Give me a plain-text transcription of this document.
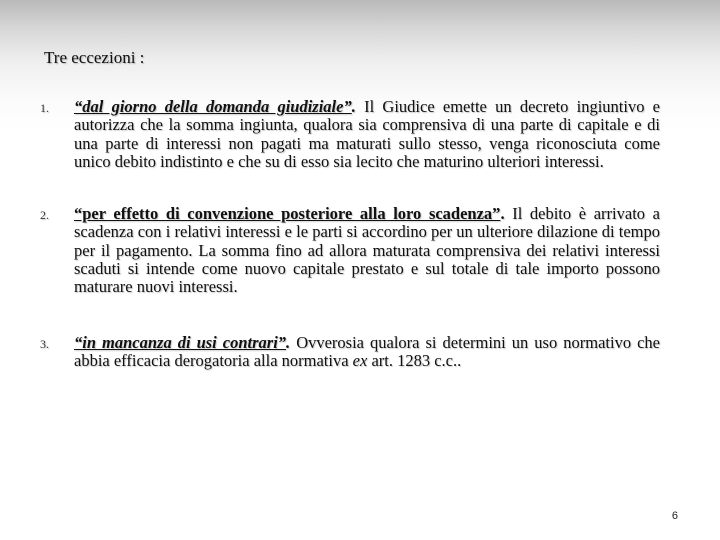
Tre eccezioni :
1. “dal giorno della domanda giudiziale”. Il Giudice emette un decreto ingiuntivo e autorizza che la somma ingiunta, qualora sia comprensiva di una parte di capitale e di una parte di interessi non pagati ma maturati sullo stesso, venga riconosciuta come unico debito indistinto e che su di esso sia lecito che maturino ulteriori interessi.
2. “per effetto di convenzione posteriore alla loro scadenza”. Il debito è arrivato a scadenza con i relativi interessi e le parti si accordino per un ulteriore dilazione di tempo per il pagamento. La somma fino ad allora maturata comprensiva dei relativi interessi scaduti si intende come nuovo capitale prestato e sul totale di tale importo possono maturare nuovi interessi.
3. “in mancanza di usi contrari”. Ovverosia qualora si determini un uso normativo che abbia efficacia derogatoria alla normativa ex art. 1283 c.c..
6
